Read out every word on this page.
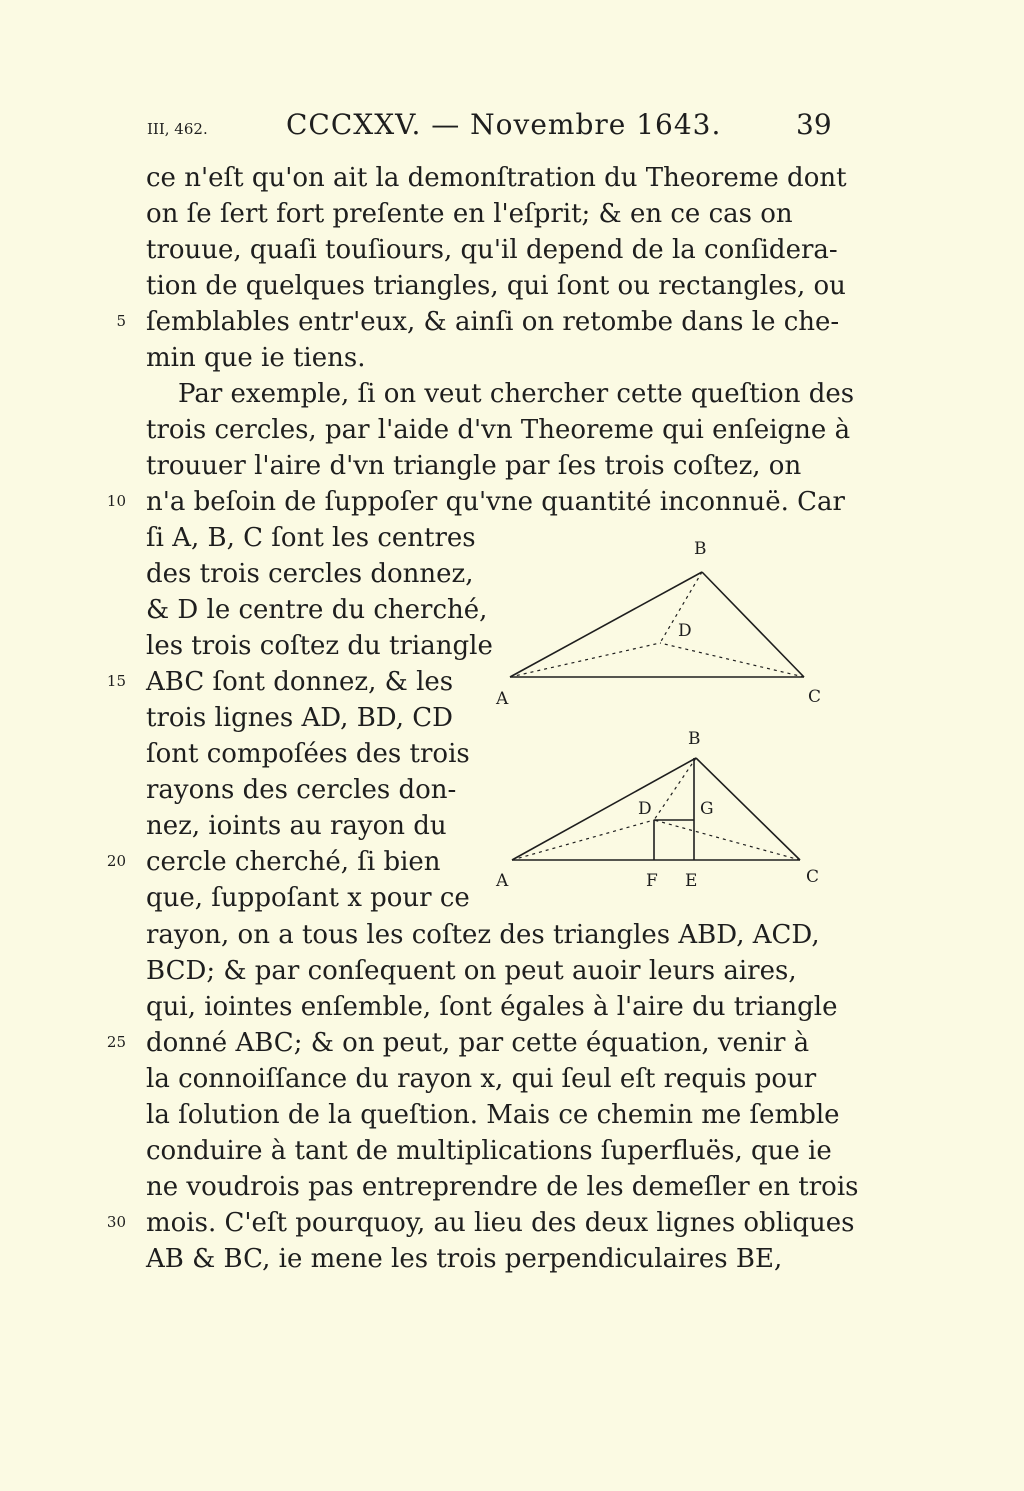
III, 462.	CCCXXV. — Novembre 1643.	39
ce n'eſt qu'on ait la demonſtration du Theoreme dont
on ſe ſert fort preſente en l'eſprit; & en ce cas on
trouue, quaſi touſiours, qu'il depend de la conſidera-
tion de quelques triangles, qui ſont ou rectangles, ou
ſemblables entr'eux, & ainſi on retombe dans le che-
min que ie tiens.
Par exemple, ſi on veut chercher cette queſtion des
trois cercles, par l'aide d'vn Theoreme qui enſeigne à
trouuer l'aire d'vn triangle par ſes trois coſtez, on
n'a beſoin de ſuppoſer qu'vne quantité inconnuë. Car
ſi A, B, C ſont les centres
des trois cercles donnez,
& D le centre du cherché,
les trois coſtez du triangle
ABC ſont donnez, & les
trois lignes AD, BD, CD
ſont compoſées des trois
rayons des cercles don-
nez, ioints au rayon du
cercle cherché, ſi bien
que, ſuppoſant x pour ce
rayon, on a tous les coſtez des triangles ABD, ACD,
BCD; & par conſequent on peut auoir leurs aires,
qui, iointes enſemble, ſont égales à l'aire du triangle
donné ABC; & on peut, par cette équation, venir à
la connoiſſance du rayon x, qui ſeul eſt requis pour
la ſolution de la queſtion. Mais ce chemin me ſemble
conduire à tant de multiplications ſuperfluës, que ie
ne voudrois pas entreprendre de les demeſler en trois
mois. C'eſt pourquoy, au lieu des deux lignes obliques
AB & BC, ie mene les trois perpendiculaires BE,
5
10
15
20
25
30
B
D
A	C
B
D	G
A	F E	C
